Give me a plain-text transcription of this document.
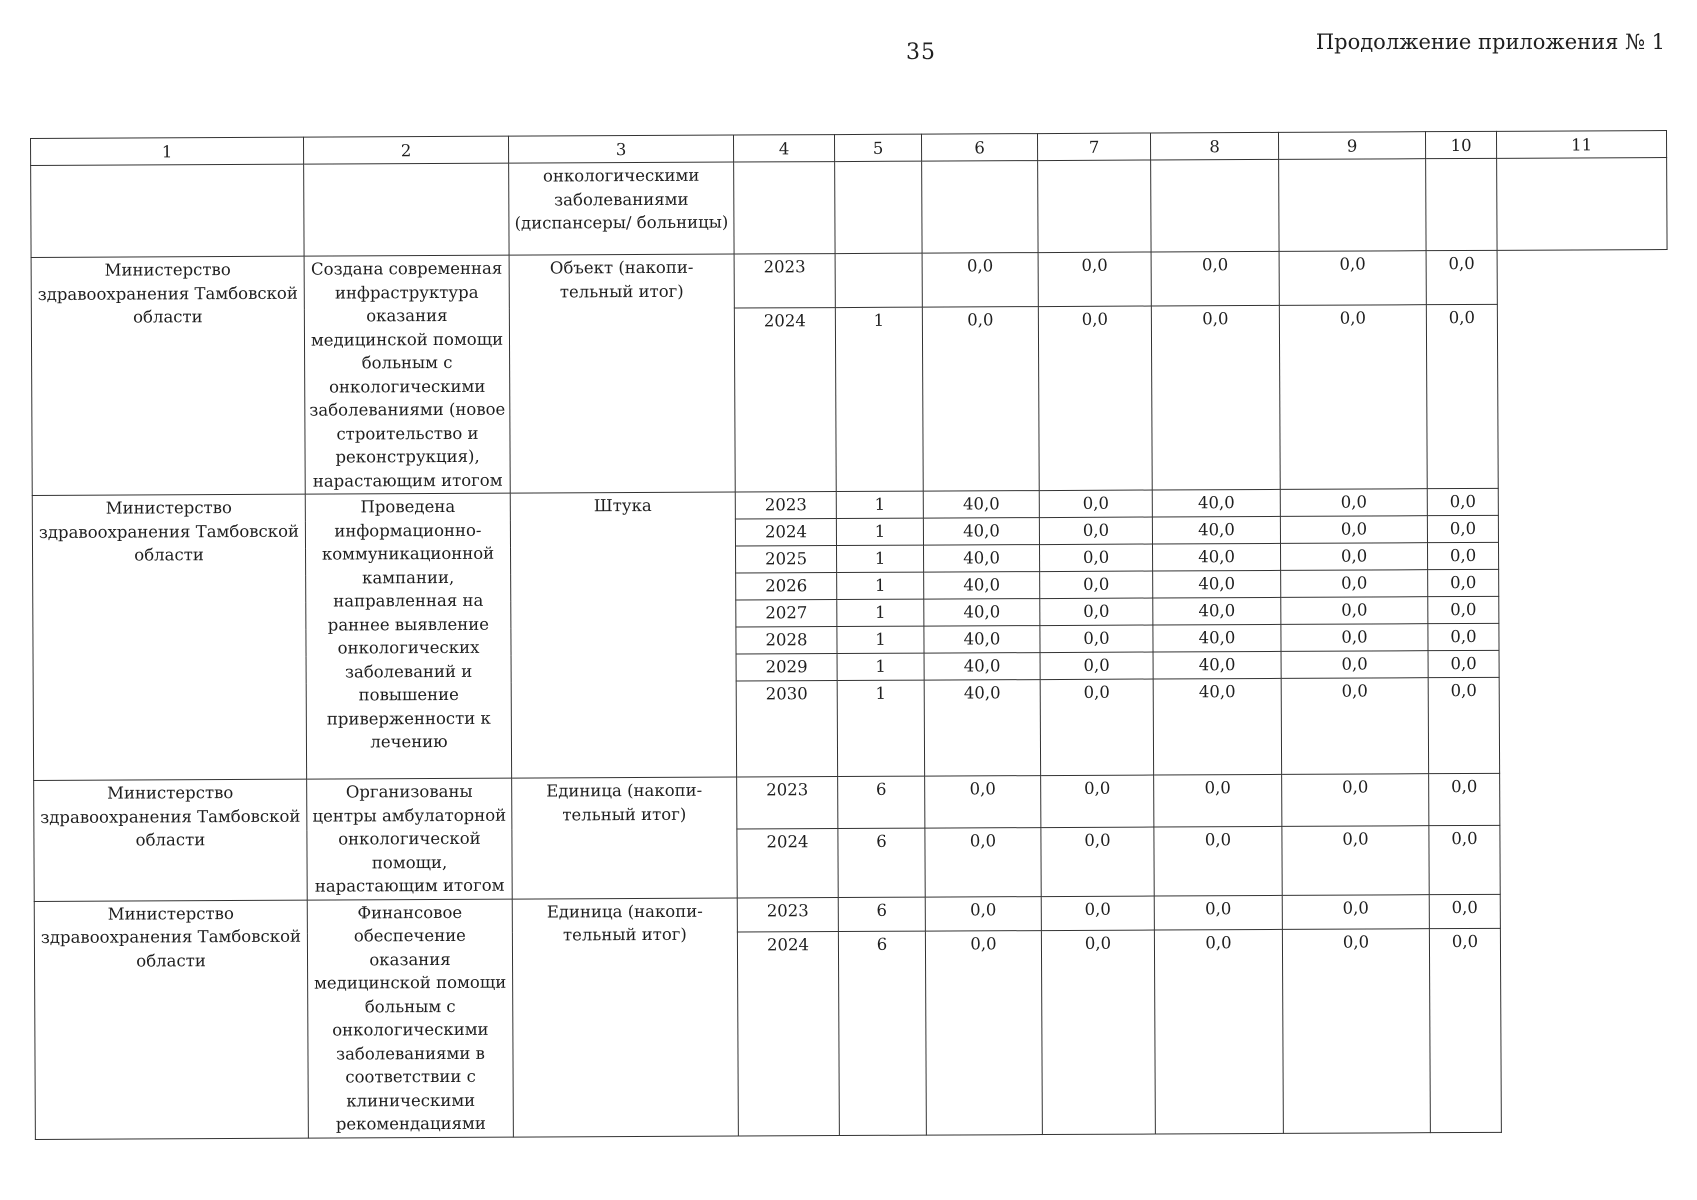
35	Продолжение приложения № 1
1	2	3	4	5	6	7	8	9	10	11
		онкологическими заболеваниями (диспансеры/ больницы)								
Министерство здравоохранения Тамбовской области	Создана современная инфраструктура оказания медицинской помощи больным с онкологическими заболеваниями (новое строительство и реконструкция), нарастающим итогом	Объект (накопи-тельный итог)	2023		0,0	0,0	0,0	0,0	0,0	
			2024	1	0,0	0,0	0,0	0,0	0,0	
Министерство здравоохранения Тамбовской области	Проведена информационно-коммуникационной кампании, направленная на раннее выявление онкологических заболеваний и повышение приверженности к лечению	Штука	2023	1	40,0	0,0	40,0	0,0	0,0	
			2024	1	40,0	0,0	40,0	0,0	0,0	
			2025	1	40,0	0,0	40,0	0,0	0,0	
			2026	1	40,0	0,0	40,0	0,0	0,0	
			2027	1	40,0	0,0	40,0	0,0	0,0	
			2028	1	40,0	0,0	40,0	0,0	0,0	
			2029	1	40,0	0,0	40,0	0,0	0,0	
			2030	1	40,0	0,0	40,0	0,0	0,0	
Министерство здравоохранения Тамбовской области	Организованы центры амбулаторной онкологической помощи, нарастающим итогом	Единица (накопи-тельный итог)	2023	6	0,0	0,0	0,0	0,0	0,0	
			2024	6	0,0	0,0	0,0	0,0	0,0	
Министерство здравоохранения Тамбовской области	Финансовое обеспечение оказания медицинской помощи больным с онкологическими заболеваниями в соответствии с клиническими рекомендациями	Единица (накопи-тельный итог)	2023	6	0,0	0,0	0,0	0,0	0,0	
			2024	6	0,0	0,0	0,0	0,0	0,0	
